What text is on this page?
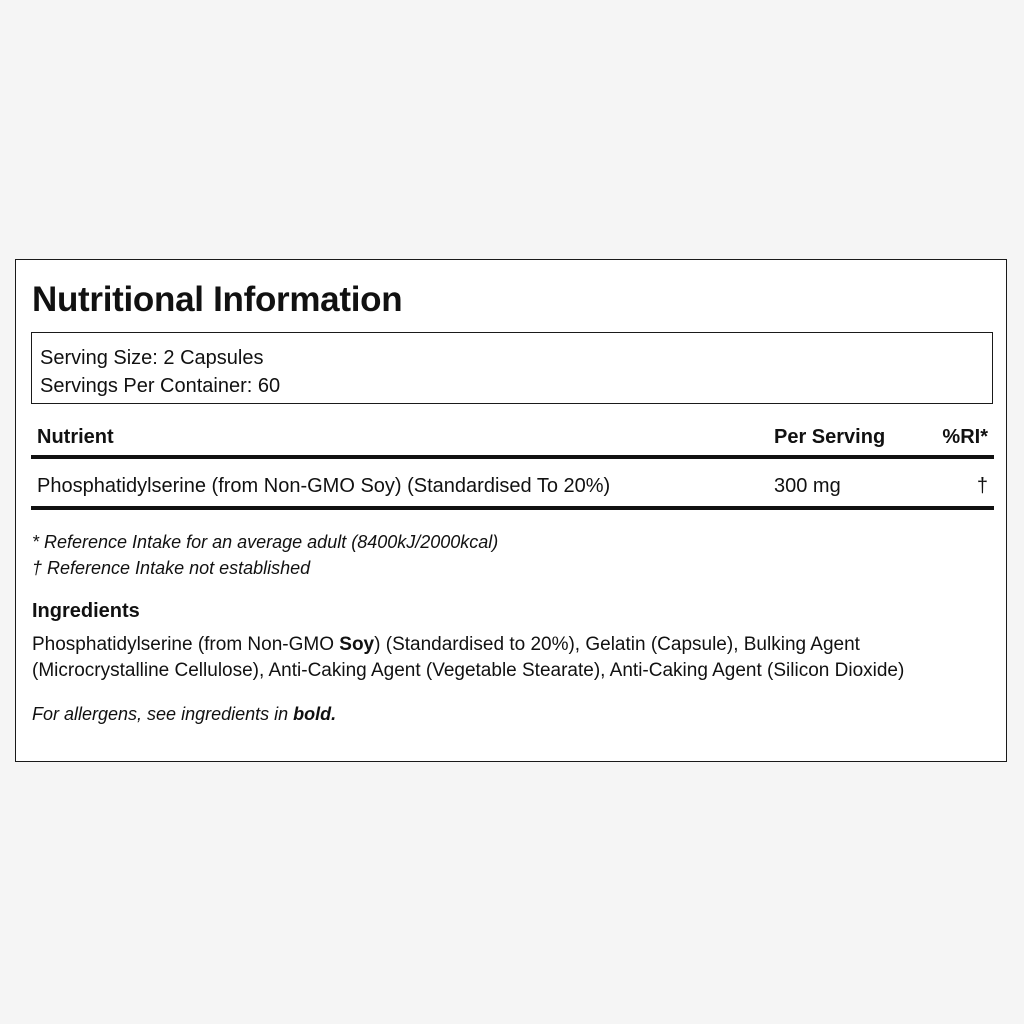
Nutritional Information
Serving Size: 2 Capsules
Servings Per Container: 60
Nutrient	Per Serving	%RI*
Phosphatidylserine (from Non-GMO Soy) (Standardised To 20%)	300 mg	†
* Reference Intake for an average adult (8400kJ/2000kcal)
† Reference Intake not established
Ingredients
Phosphatidylserine (from Non-GMO Soy) (Standardised to 20%), Gelatin (Capsule), Bulking Agent (Microcrystalline Cellulose), Anti-Caking Agent (Vegetable Stearate), Anti-Caking Agent (Silicon Dioxide)
For allergens, see ingredients in bold.
